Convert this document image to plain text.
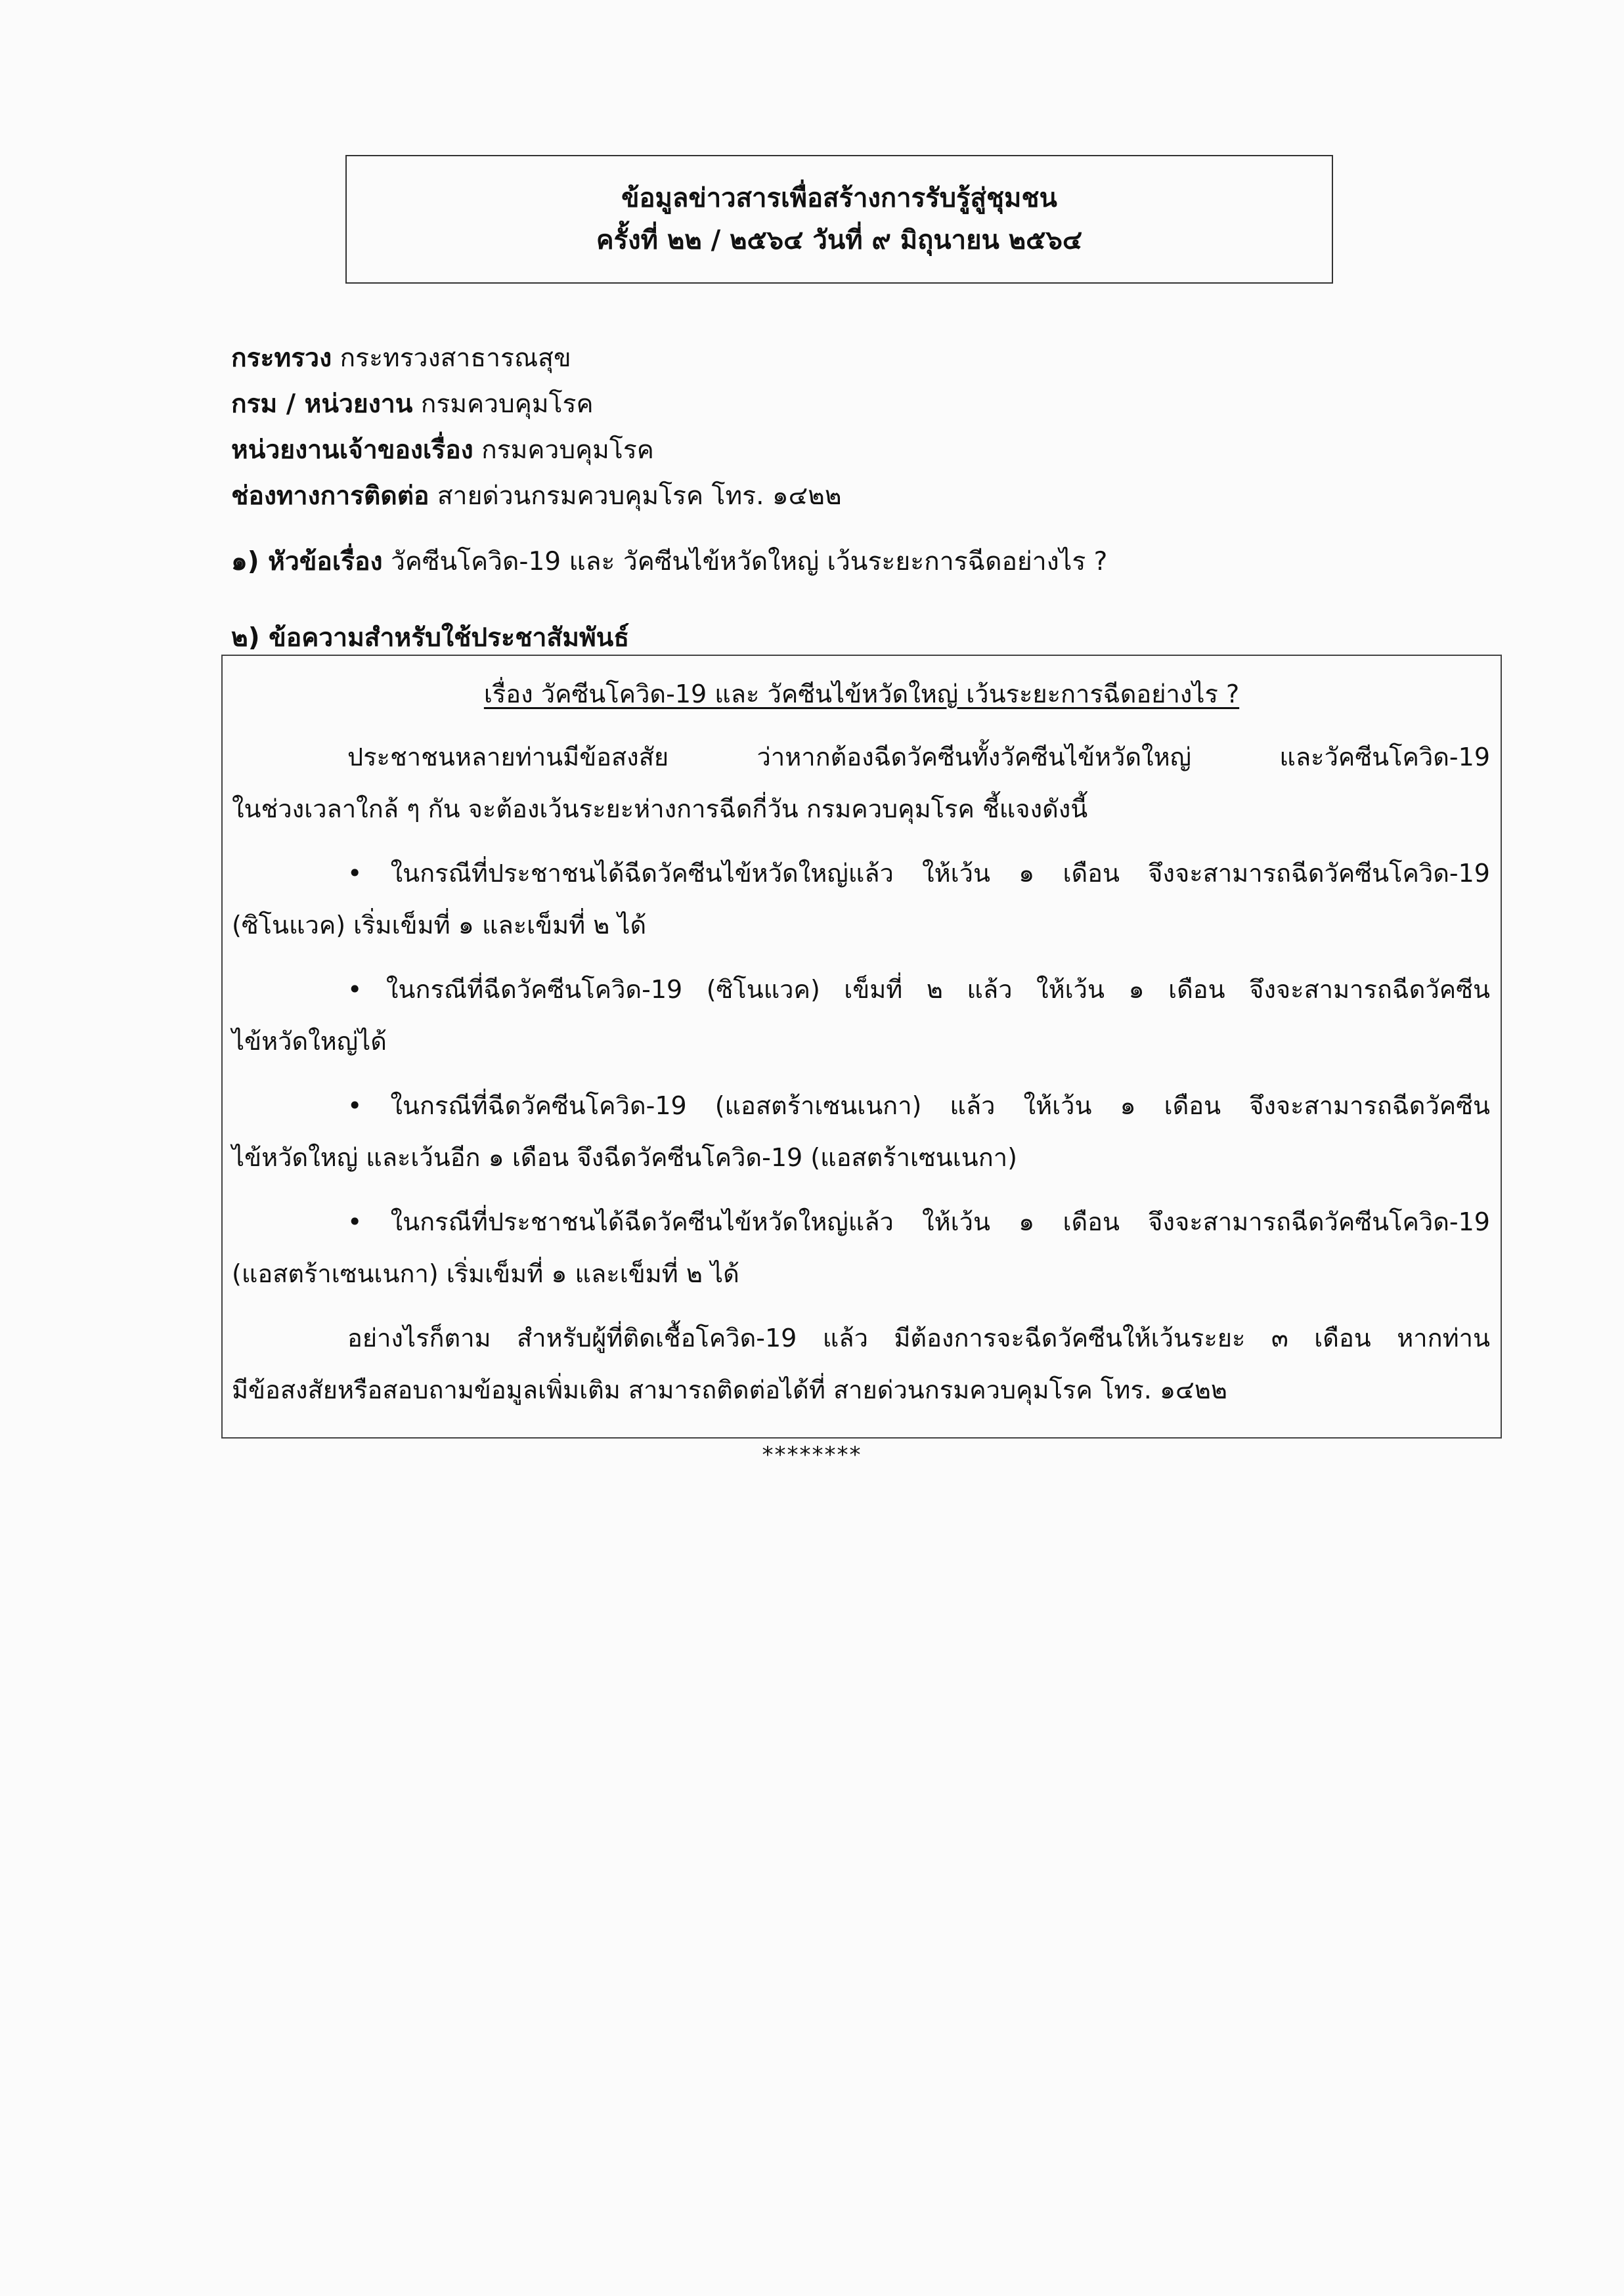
ข้อมูลข่าวสารเพื่อสร้างการรับรู้สู่ชุมชน
ครั้งที่ ๒๒ / ๒๕๖๔ วันที่ ๙ มิถุนายน ๒๕๖๔
กระทรวง กระทรวงสาธารณสุข
กรม / หน่วยงาน กรมควบคุมโรค
หน่วยงานเจ้าของเรื่อง กรมควบคุมโรค
ช่องทางการติดต่อ สายด่วนกรมควบคุมโรค โทร. ๑๔๒๒
๑) หัวข้อเรื่อง วัคซีนโควิด-19 และ วัคซีนไข้หวัดใหญ่ เว้นระยะการฉีดอย่างไร ?
๒) ข้อความสำหรับใช้ประชาสัมพันธ์
เรื่อง วัคซีนโควิด-19 และ วัคซีนไข้หวัดใหญ่ เว้นระยะการฉีดอย่างไร ?
ประชาชนหลายท่านมีข้อสงสัย ว่าหากต้องฉีดวัคซีนทั้งวัคซีนไข้หวัดใหญ่ และวัคซีนโควิด-19
ในช่วงเวลาใกล้ ๆ กัน จะต้องเว้นระยะห่างการฉีดกี่วัน กรมควบคุมโรค ชี้แจงดังนี้
• ในกรณีที่ประชาชนได้ฉีดวัคซีนไข้หวัดใหญ่แล้ว ให้เว้น ๑ เดือน จึงจะสามารถฉีดวัคซีนโควิด-19
(ซิโนแวค) เริ่มเข็มที่ ๑ และเข็มที่ ๒ ได้
• ในกรณีที่ฉีดวัคซีนโควิด-19 (ซิโนแวค) เข็มที่ ๒ แล้ว ให้เว้น ๑ เดือน จึงจะสามารถฉีดวัคซีน
ไข้หวัดใหญ่ได้
• ในกรณีที่ฉีดวัคซีนโควิด-19 (แอสตร้าเซนเนกา) แล้ว ให้เว้น ๑ เดือน จึงจะสามารถฉีดวัคซีน
ไข้หวัดใหญ่ และเว้นอีก ๑ เดือน จึงฉีดวัคซีนโควิด-19 (แอสตร้าเซนเนกา)
• ในกรณีที่ประชาชนได้ฉีดวัคซีนไข้หวัดใหญ่แล้ว ให้เว้น ๑ เดือน จึงจะสามารถฉีดวัคซีนโควิด-19
(แอสตร้าเซนเนกา) เริ่มเข็มที่ ๑ และเข็มที่ ๒ ได้
อย่างไรก็ตาม สำหรับผู้ที่ติดเชื้อโควิด-19 แล้ว มีต้องการจะฉีดวัคซีนให้เว้นระยะ ๓ เดือน หากท่าน
มีข้อสงสัยหรือสอบถามข้อมูลเพิ่มเติม สามารถติดต่อได้ที่ สายด่วนกรมควบคุมโรค โทร. ๑๔๒๒
********
